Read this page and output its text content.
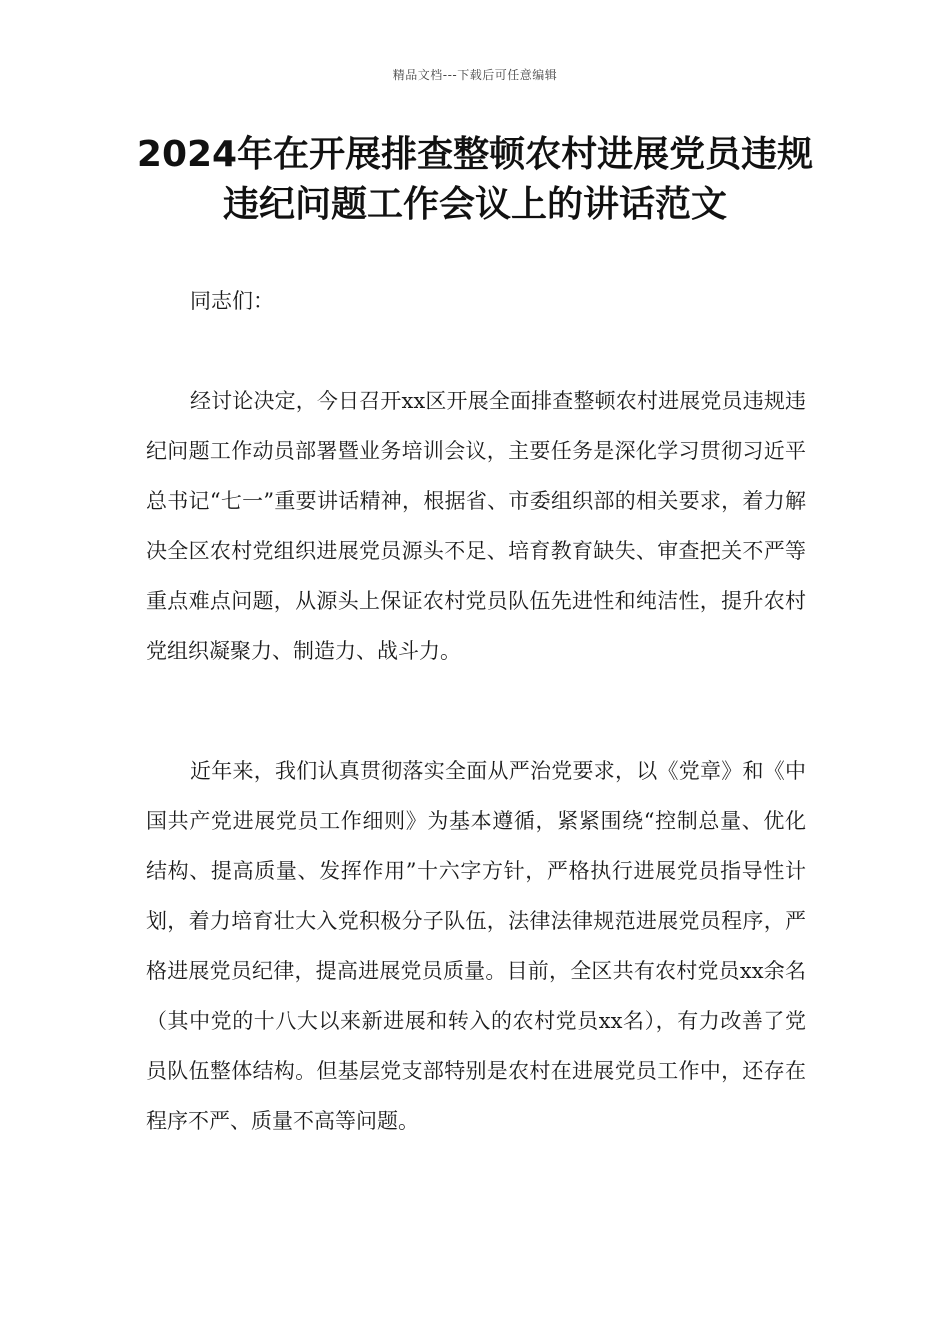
精品文档---下载后可任意编辑
2024年在开展排查整顿农村进展党员违规违纪问题工作会议上的讲话范文

同志们：

经讨论决定，今日召开xx区开展全面排查整顿农村进展党员违规违纪问题工作动员部署暨业务培训会议，主要任务是深化学习贯彻习近平总书记“七一”重要讲话精神，根据省、市委组织部的相关要求，着力解决全区农村党组织进展党员源头不足、培育教育缺失、审查把关不严等重点难点问题，从源头上保证农村党员队伍先进性和纯洁性，提升农村党组织凝聚力、制造力、战斗力。

近年来，我们认真贯彻落实全面从严治党要求，以《党章》和《中国共产党进展党员工作细则》为基本遵循，紧紧围绕“控制总量、优化结构、提高质量、发挥作用”十六字方针，严格执行进展党员指导性计划，着力培育壮大入党积极分子队伍，法律法律规范进展党员程序，严格进展党员纪律，提高进展党员质量。目前，全区共有农村党员xx余名（其中党的十八大以来新进展和转入的农村党员xx名），有力改善了党员队伍整体结构。但基层党支部特别是农村在进展党员工作中，还存在程序不严、质量不高等问题。
